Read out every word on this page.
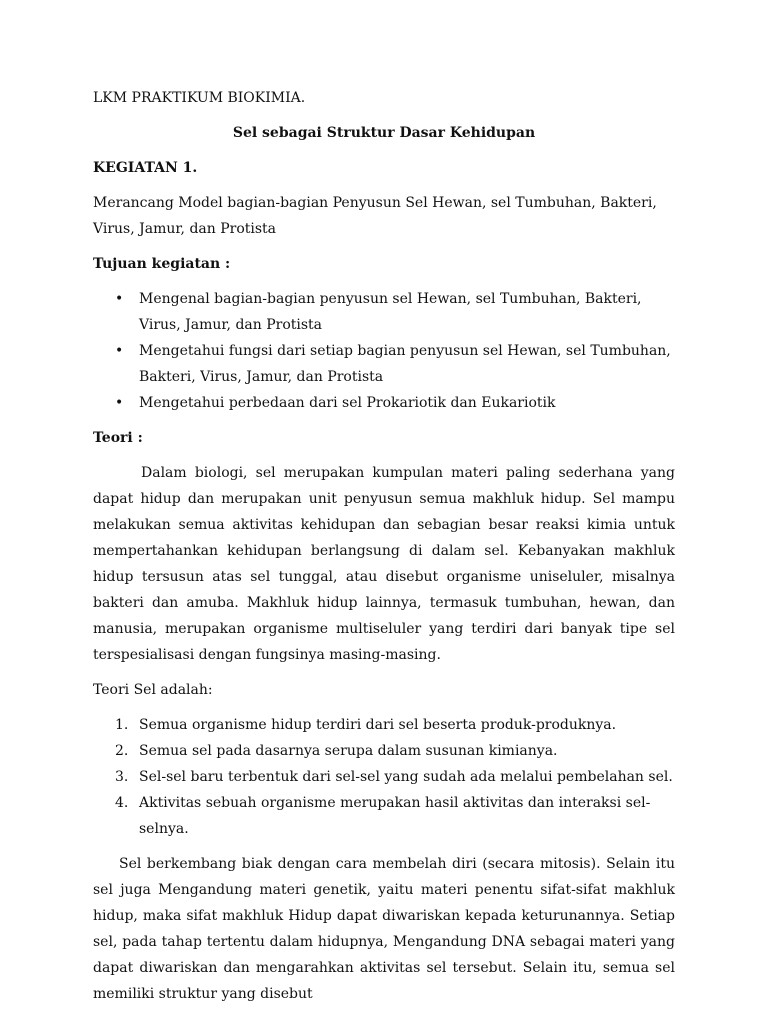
LKM PRAKTIKUM BIOKIMIA.

Sel sebagai Struktur Dasar Kehidupan

KEGIATAN 1.

Merancang Model bagian-bagian Penyusun Sel Hewan, sel Tumbuhan, Bakteri, Virus, Jamur, dan Protista

Tujuan kegiatan :

• Mengenal bagian-bagian penyusun sel Hewan, sel Tumbuhan, Bakteri, Virus, Jamur, dan Protista
• Mengetahui fungsi dari setiap bagian penyusun sel Hewan, sel Tumbuhan, Bakteri, Virus, Jamur, dan Protista
• Mengetahui perbedaan dari sel Prokariotik dan Eukariotik

Teori :

Dalam biologi, sel merupakan kumpulan materi paling sederhana yang dapat hidup dan merupakan unit penyusun semua makhluk hidup. Sel mampu melakukan semua aktivitas kehidupan dan sebagian besar reaksi kimia untuk mempertahankan kehidupan berlangsung di dalam sel. Kebanyakan makhluk hidup tersusun atas sel tunggal, atau disebut organisme uniseluler, misalnya bakteri dan amuba. Makhluk hidup lainnya, termasuk tumbuhan, hewan, dan manusia, merupakan organisme multiseluler yang terdiri dari banyak tipe sel terspesialisasi dengan fungsinya masing-masing.

Teori Sel adalah:

1. Semua organisme hidup terdiri dari sel beserta produk-produknya.
2. Semua sel pada dasarnya serupa dalam susunan kimianya.
3. Sel-sel baru terbentuk dari sel-sel yang sudah ada melalui pembelahan sel.
4. Aktivitas sebuah organisme merupakan hasil aktivitas dan interaksi sel-selnya.

Sel berkembang biak dengan cara membelah diri (secara mitosis). Selain itu sel juga Mengandung materi genetik, yaitu materi penentu sifat-sifat makhluk hidup, maka sifat makhluk Hidup dapat diwariskan kepada keturunannya. Setiap sel, pada tahap tertentu dalam hidupnya, Mengandung DNA sebagai materi yang dapat diwariskan dan mengarahkan aktivitas sel tersebut. Selain itu, semua sel memiliki struktur yang disebut
